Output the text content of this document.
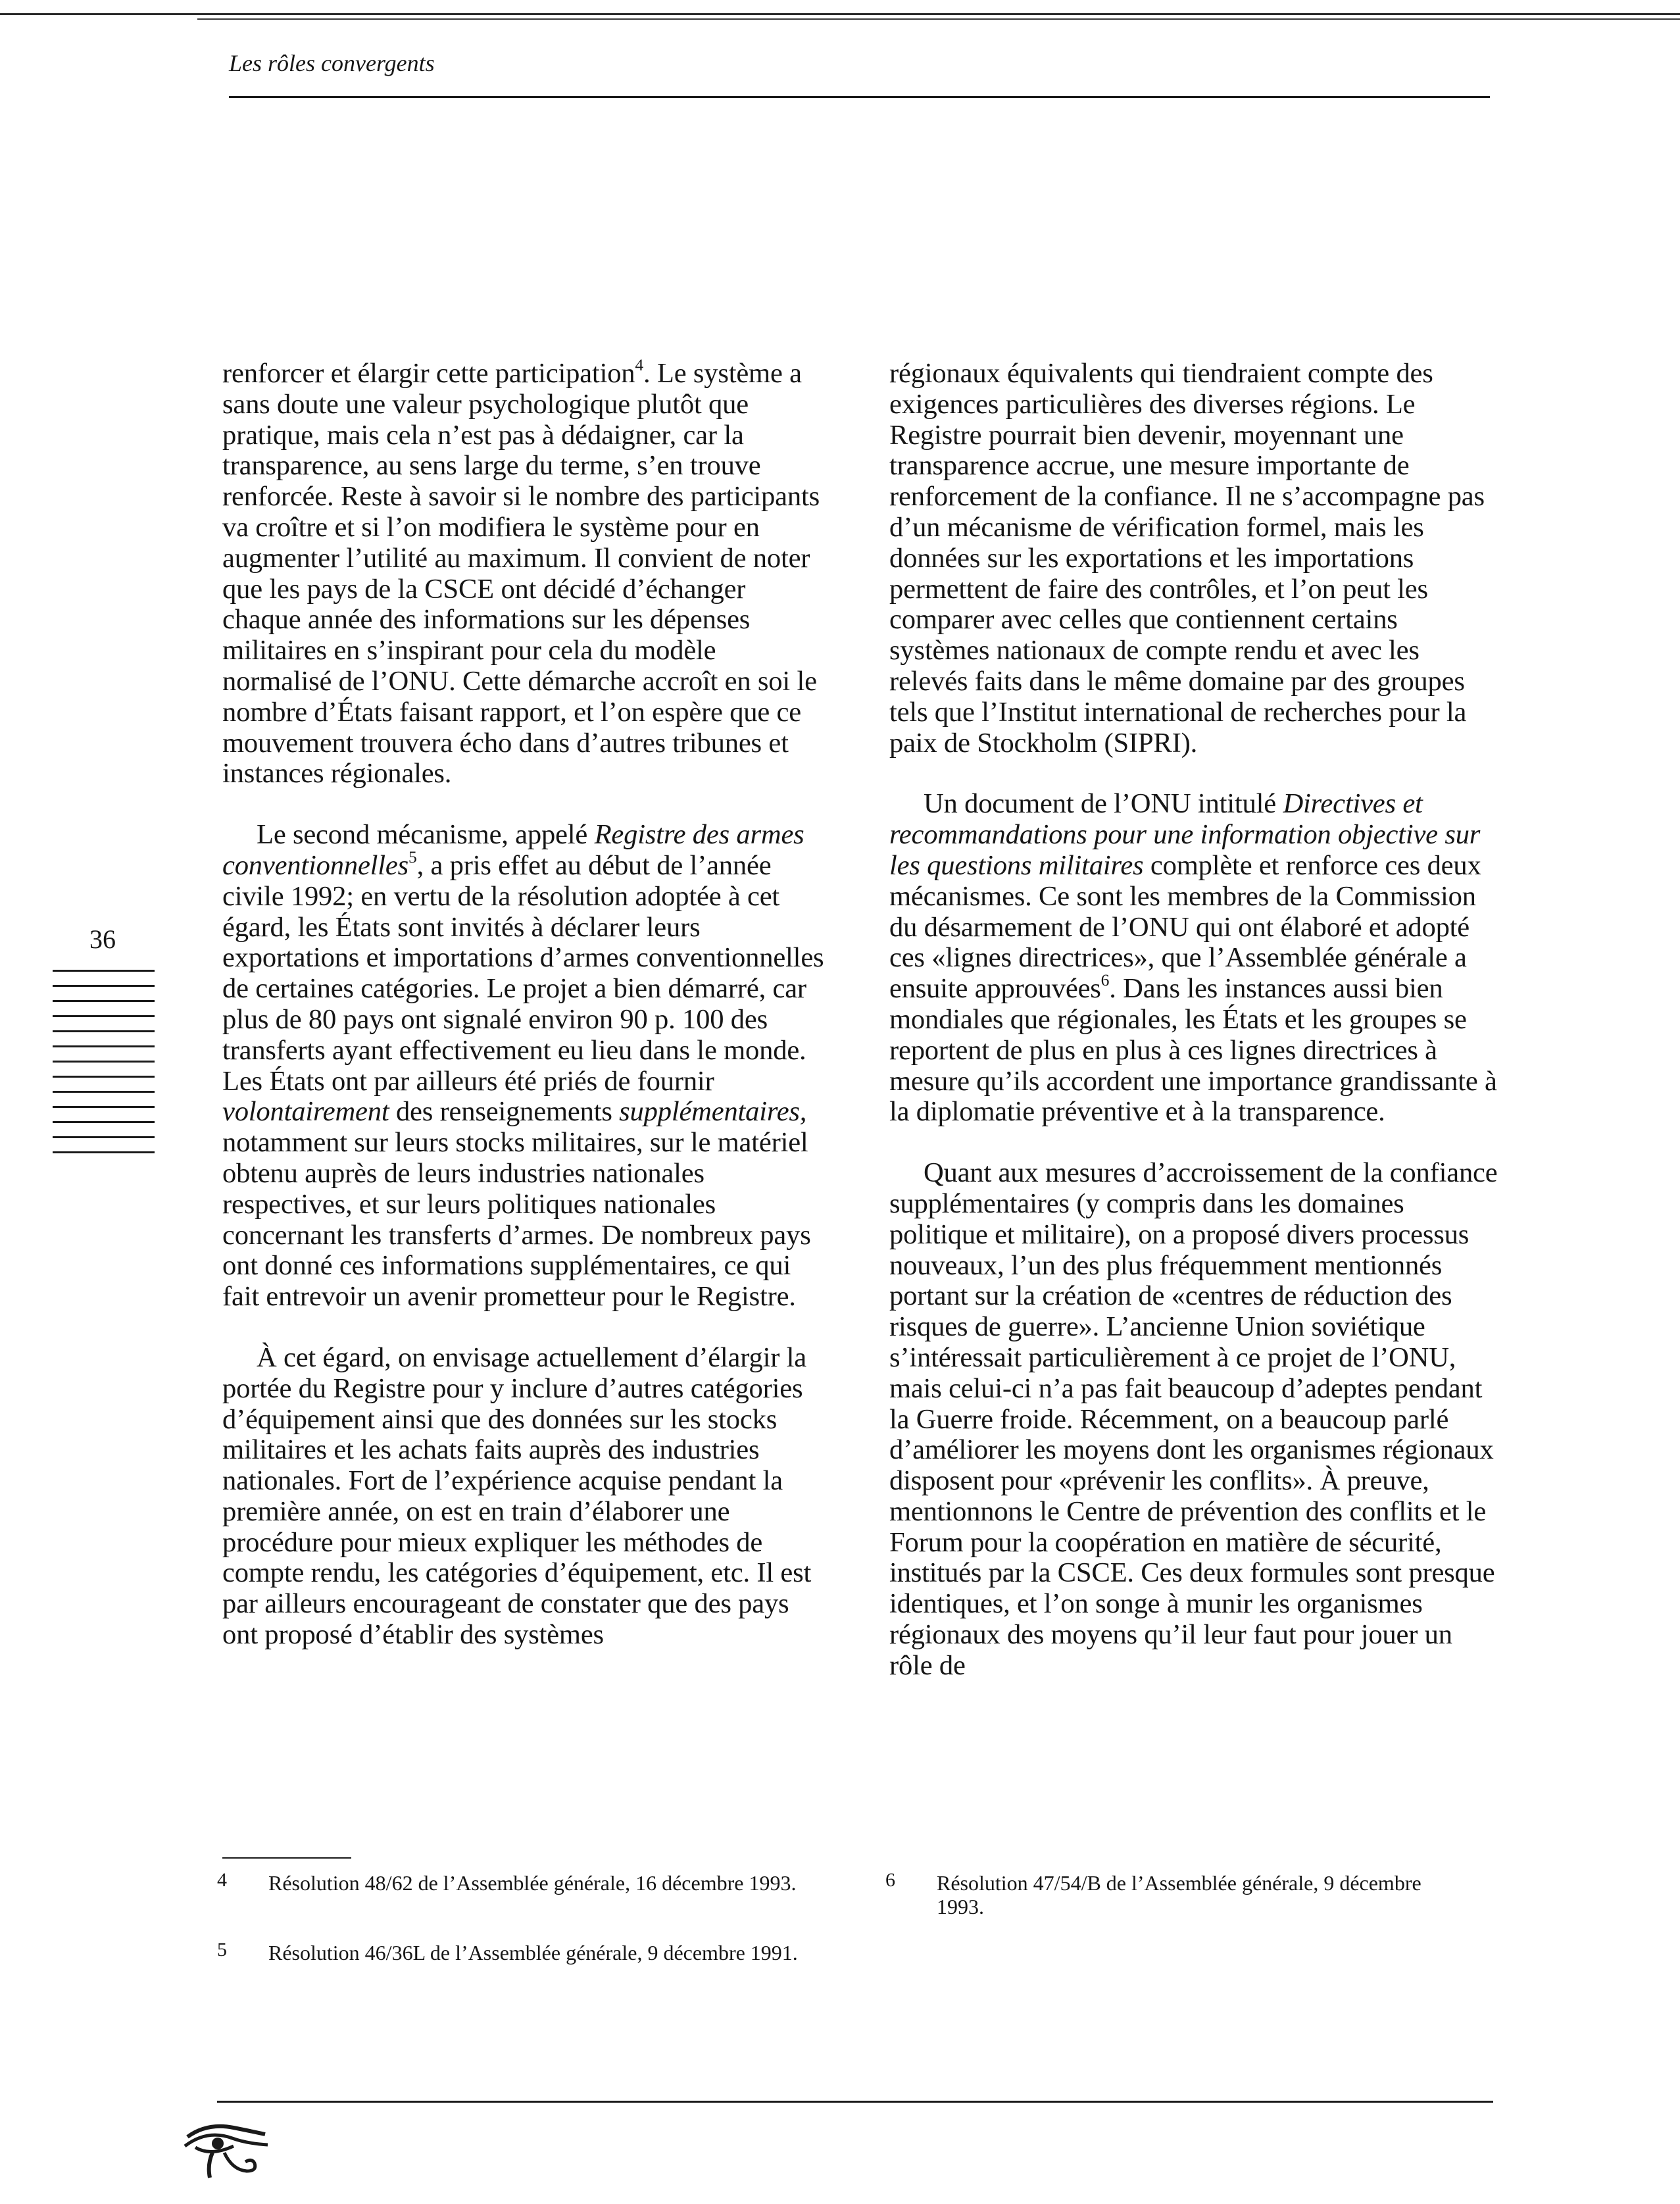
Les rôles convergents

renforcer et élargir cette participation$^4$. Le système a sans doute une valeur psychologique plutôt que pratique, mais cela n’est pas à dédaigner, car la transparence, au sens large du terme, s’en trouve renforcée. Reste à savoir si le nombre des participants va croître et si l’on modifiera le système pour en augmenter l’utilité au maximum. Il convient de noter que les pays de la CSCE ont décidé d’échanger chaque année des informations sur les dépenses militaires en s’inspirant pour cela du modèle normalisé de l’ONU. Cette démarche accroît en soi le nombre d’États faisant rapport, et l’on espère que ce mouvement trouvera écho dans d’autres tribunes et instances régionales.

Le second mécanisme, appelé Registre des armes conventionnelles$^5$, a pris effet au début de l’année civile 1992; en vertu de la résolution adoptée à cet égard, les États sont invités à déclarer leurs exportations et importations d’armes conventionnelles de certaines catégories. Le projet a bien démarré, car plus de 80 pays ont signalé environ 90 p. 100 des transferts ayant effectivement eu lieu dans le monde. Les États ont par ailleurs été priés de fournir volontairement des renseignements supplémentaires, notamment sur leurs stocks militaires, sur le matériel obtenu auprès de leurs industries nationales respectives, et sur leurs politiques nationales concernant les transferts d’armes. De nombreux pays ont donné ces informations supplémentaires, ce qui fait entrevoir un avenir prometteur pour le Registre.

À cet égard, on envisage actuellement d’élargir la portée du Registre pour y inclure d’autres catégories d’équipement ainsi que des données sur les stocks militaires et les achats faits auprès des industries nationales. Fort de l’expérience acquise pendant la première année, on est en train d’élaborer une procédure pour mieux expliquer les méthodes de compte rendu, les catégories d’équipement, etc. Il est par ailleurs encourageant de constater que des pays ont proposé d’établir des systèmes

régionaux équivalents qui tiendraient compte des exigences particulières des diverses régions. Le Registre pourrait bien devenir, moyennant une transparence accrue, une mesure importante de renforcement de la confiance. Il ne s’accompagne pas d’un mécanisme de vérification formel, mais les données sur les exportations et les importations permettent de faire des contrôles, et l’on peut les comparer avec celles que contiennent certains systèmes nationaux de compte rendu et avec les relevés faits dans le même domaine par des groupes tels que l’Institut international de recherches pour la paix de Stockholm (SIPRI).

Un document de l’ONU intitulé Directives et recommandations pour une information objective sur les questions militaires complète et renforce ces deux mécanismes. Ce sont les membres de la Commission du désarmement de l’ONU qui ont élaboré et adopté ces «lignes directrices», que l’Assemblée générale a ensuite approuvées$^6$. Dans les instances aussi bien mondiales que régionales, les États et les groupes se reportent de plus en plus à ces lignes directrices à mesure qu’ils accordent une importance grandissante à la diplomatie préventive et à la transparence.

Quant aux mesures d’accroissement de la confiance supplémentaires (y compris dans les domaines politique et militaire), on a proposé divers processus nouveaux, l’un des plus fréquemment mentionnés portant sur la création de «centres de réduction des risques de guerre». L’ancienne Union soviétique s’intéressait particulièrement à ce projet de l’ONU, mais celui-ci n’a pas fait beaucoup d’adeptes pendant la Guerre froide. Récemment, on a beaucoup parlé d’améliorer les moyens dont les organismes régionaux disposent pour «prévenir les conflits». À preuve, mentionnons le Centre de prévention des conflits et le Forum pour la coopération en matière de sécurité, institués par la CSCE. Ces deux formules sont presque identiques, et l’on songe à munir les organismes régionaux des moyens qu’il leur faut pour jouer un rôle de

36
4 Résolution 48/62 de l’Assemblée générale, 16 décembre 1993.
5 Résolution 46/36L de l’Assemblée générale, 9 décembre 1991.
6 Résolution 47/54/B de l’Assemblée générale, 9 décembre 1993.
